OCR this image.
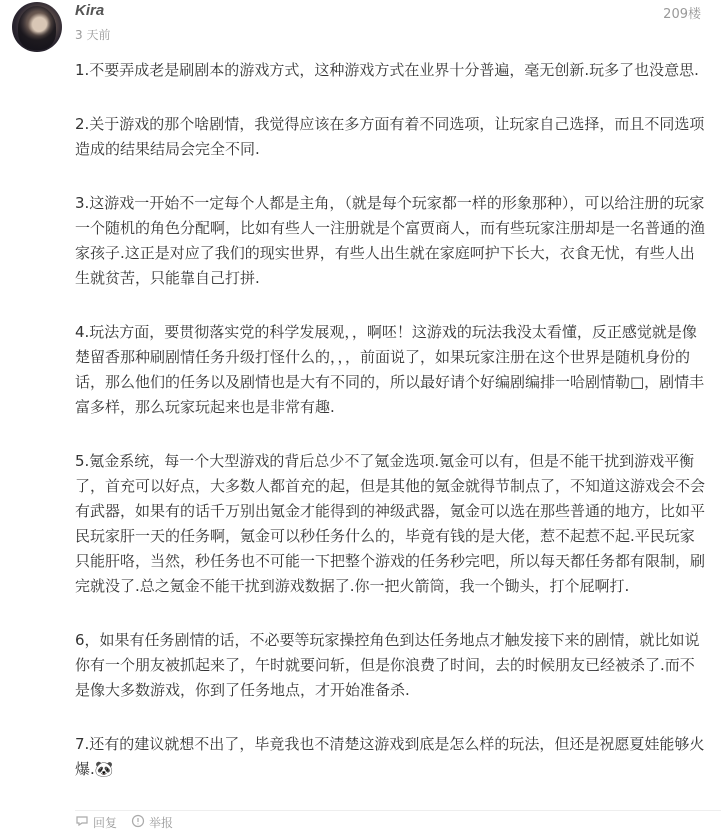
Kira
3 天前
209楼

1.不要弄成老是刷剧本的游戏方式，这种游戏方式在业界十分普遍，毫无创新.玩多了也没意思.

2.关于游戏的那个啥剧情，我觉得应该在多方面有着不同选项，让玩家自己选择，而且不同选项造成的结果结局会完全不同.

3.这游戏一开始不一定每个人都是主角，（就是每个玩家都一样的形象那种），可以给注册的玩家一个随机的角色分配啊，比如有些人一注册就是个富贾商人，而有些玩家注册却是一名普通的渔家孩子.这正是对应了我们的现实世界，有些人出生就在家庭呵护下长大，衣食无忧，有些人出生就贫苦，只能靠自己打拼.

4.玩法方面，要贯彻落实党的科学发展观，，啊呸！这游戏的玩法我没太看懂，反正感觉就是像楚留香那种刷剧情任务升级打怪什么的，，，前面说了，如果玩家注册在这个世界是随机身份的话，那么他们的任务以及剧情也是大有不同的，所以最好请个好编剧编排一哈剧情勒□，剧情丰富多样，那么玩家玩起来也是非常有趣.

5.氪金系统，每一个大型游戏的背后总少不了氪金选项.氪金可以有，但是不能干扰到游戏平衡了，首充可以好点，大多数人都首充的起，但是其他的氪金就得节制点了，不知道这游戏会不会有武器，如果有的话千万别出氪金才能得到的神级武器，氪金可以选在那些普通的地方，比如平民玩家肝一天的任务啊，氪金可以秒任务什么的，毕竟有钱的是大佬，惹不起惹不起.平民玩家只能肝咯，当然，秒任务也不可能一下把整个游戏的任务秒完吧，所以每天都任务都有限制，刷完就没了.总之氪金不能干扰到游戏数据了.你一把火箭筒，我一个锄头，打个屁啊打.

6，如果有任务剧情的话，不必要等玩家操控角色到达任务地点才触发接下来的剧情，就比如说你有一个朋友被抓起来了，午时就要问斩，但是你浪费了时间，去的时候朋友已经被杀了.而不是像大多数游戏，你到了任务地点，才开始准备杀.

7.还有的建议就想不出了，毕竟我也不清楚这游戏到底是怎么样的玩法，但还是祝愿夏娃能够火爆.🐼

回复	举报
